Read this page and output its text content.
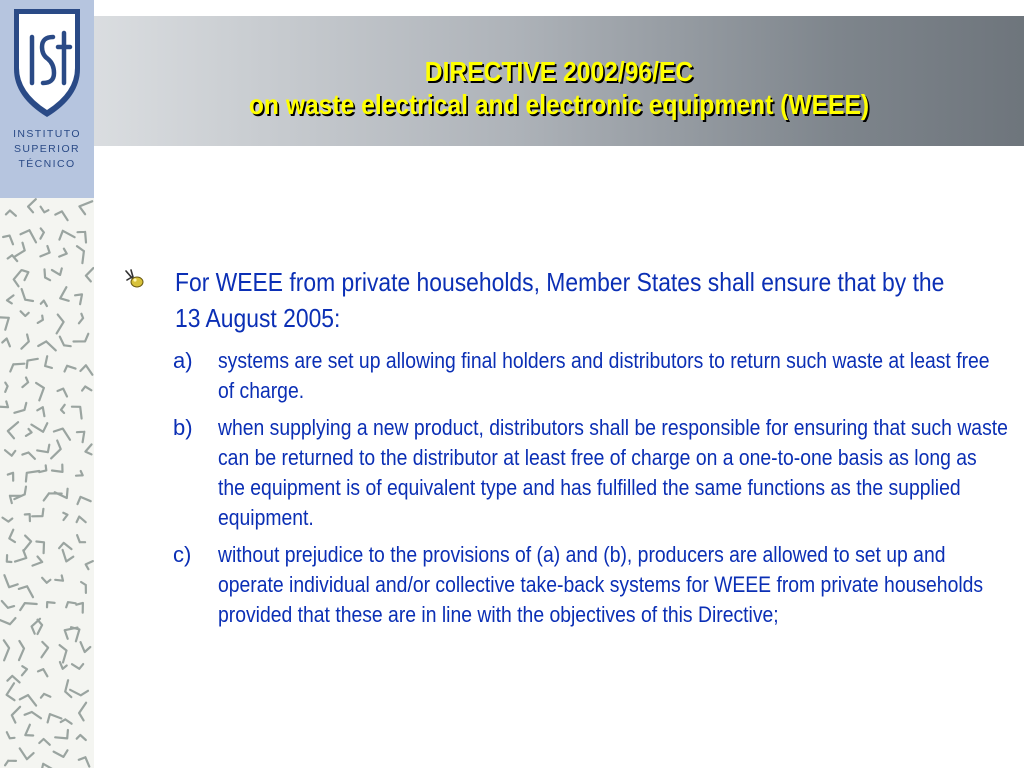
INSTITUTO
SUPERIOR
TÉCNICO
DIRECTIVE 2002/96/EC
on waste electrical and electronic equipment (WEEE)
For WEEE from private households, Member States shall ensure that by the 13 August 2005:
a) systems are set up allowing final holders and distributors to return such waste at least free of charge.
b) when supplying a new product, distributors shall be responsible for ensuring that such waste can be returned to the distributor at least free of charge on a one-to-one basis as long as the equipment is of equivalent type and has fulfilled the same functions as the supplied equipment.
c) without prejudice to the provisions of (a) and (b), producers are allowed to set up and operate individual and/or collective take-back systems for WEEE from private households provided that these are in line with the objectives of this Directive;
